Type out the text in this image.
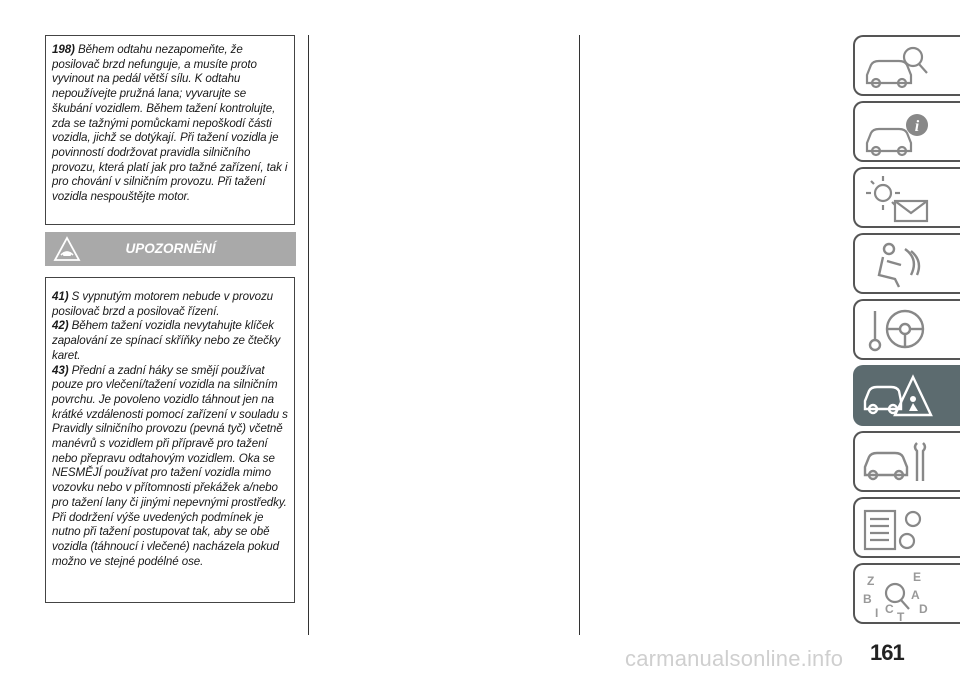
198) Během odtahu nezapomeňte, že posilovač brzd nefunguje, a musíte proto vyvinout na pedál větší sílu. K odtahu nepoužívejte pružná lana; vyvarujte se škubání vozidlem. Během tažení kontrolujte, zda se tažnými pomůckami nepoškodí části vozidla, jichž se dotýkají. Při tažení vozidla je povinností dodržovat pravidla silničního provozu, která platí jak pro tažné zařízení, tak i pro chování v silničním provozu. Při tažení vozidla nespouštějte motor.
UPOZORNĚNÍ
41) S vypnutým motorem nebude v provozu posilovač brzd a posilovač řízení.
42) Během tažení vozidla nevytahujte klíček zapalování ze spínací skříňky nebo ze čtečky karet.
43) Přední a zadní háky se smějí používat pouze pro vlečení/tažení vozidla na silničním povrchu. Je povoleno vozidlo táhnout jen na krátké vzdálenosti pomocí zařízení v souladu s Pravidly silničního provozu (pevná tyč) včetně manévrů s vozidlem při přípravě pro tažení nebo přepravu odtahovým vozidlem. Oka se NESMĚJÍ používat pro tažení vozidla mimo vozovku nebo v přítomnosti překážek a/nebo pro tažení lany či jinými nepevnými prostředky. Při dodržení výše uvedených podmínek je nutno při tažení postupovat tak, aby se obě vozidla (táhnoucí i vlečené) nacházela pokud možno ve stejné podélné ose.
i
Z	E
B	A
I C D
T
carmanualsonline.info 161
